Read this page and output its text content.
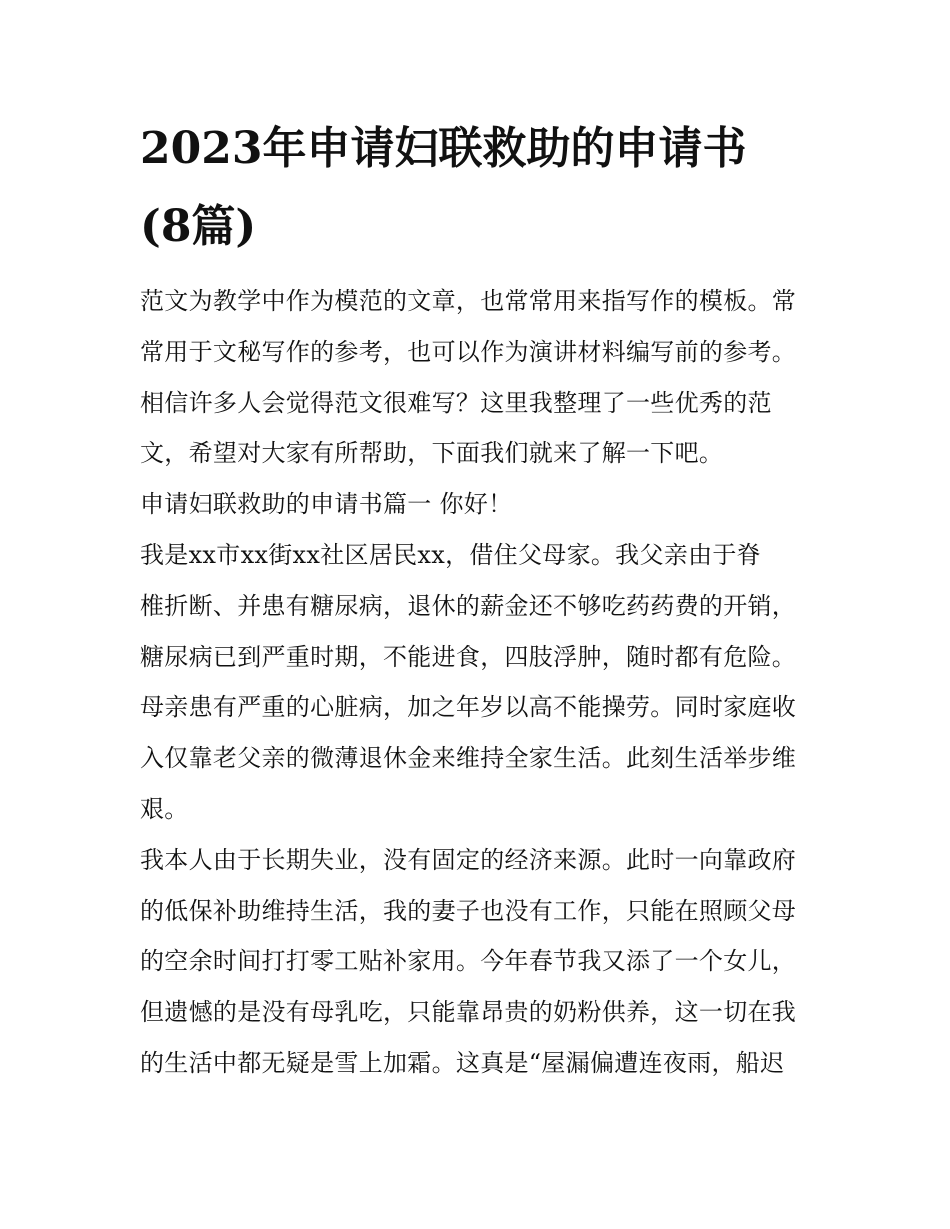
2023年申请妇联救助的申请书
(8篇)
范文为教学中作为模范的文章，也常常用来指写作的模板。常
常用于文秘写作的参考，也可以作为演讲材料编写前的参考。
相信许多人会觉得范文很难写？这里我整理了一些优秀的范
文，希望对大家有所帮助，下面我们就来了解一下吧。
申请妇联救助的申请书篇一 你好！
我是xx市xx街xx社区居民xx，借住父母家。我父亲由于脊
椎折断、并患有糖尿病，退休的薪金还不够吃药药费的开销，
糖尿病已到严重时期，不能进食，四肢浮肿，随时都有危险。
母亲患有严重的心脏病，加之年岁以高不能操劳。同时家庭收
入仅靠老父亲的微薄退休金来维持全家生活。此刻生活举步维
艰。
我本人由于长期失业，没有固定的经济来源。此时一向靠政府
的低保补助维持生活，我的妻子也没有工作，只能在照顾父母
的空余时间打打零工贴补家用。今年春节我又添了一个女儿，
但遗憾的是没有母乳吃，只能靠昂贵的奶粉供养，这一切在我
的生活中都无疑是雪上加霜。这真是“屋漏偏遭连夜雨，船迟
